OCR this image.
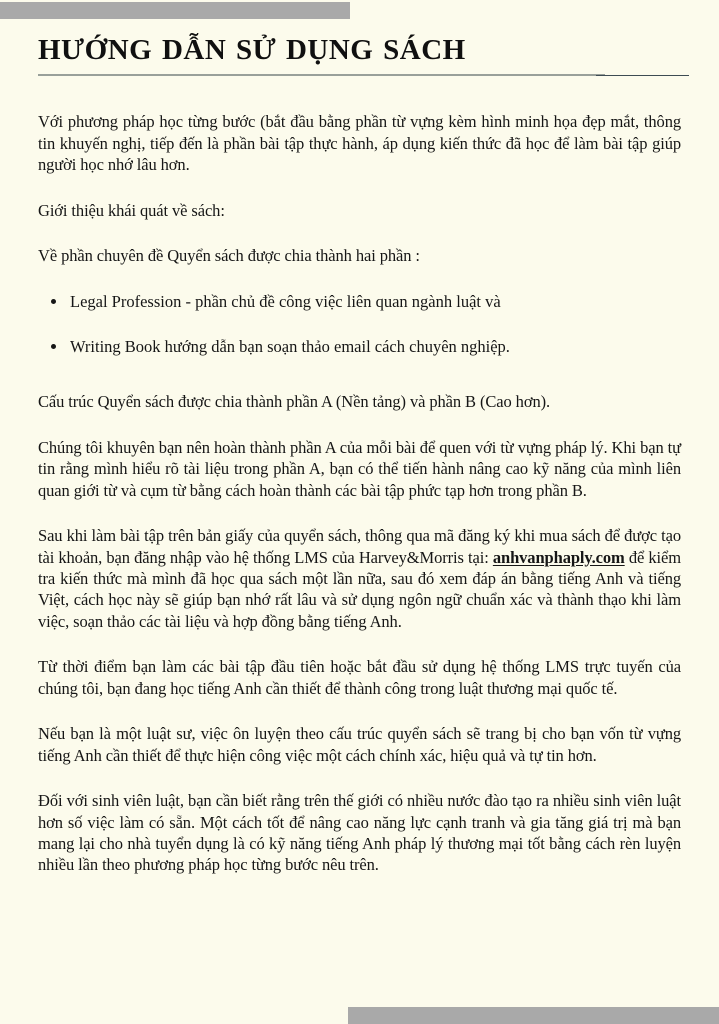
HƯỚNG DẪN SỬ DỤNG SÁCH

Với phương pháp học từng bước (bắt đầu bằng phần từ vựng kèm hình minh họa đẹp mắt, thông tin khuyến nghị, tiếp đến là phần bài tập thực hành, áp dụng kiến thức đã học để làm bài tập giúp người học nhớ lâu hơn.

Giới thiệu khái quát về sách:

Về phần chuyên đề Quyển sách được chia thành hai phần :

• Legal Profession - phần chủ đề công việc liên quan ngành luật và
• Writing Book hướng dẫn bạn soạn thảo email cách chuyên nghiệp.

Cấu trúc Quyển sách được chia thành phần A (Nền tảng) và phần B (Cao hơn).

Chúng tôi khuyên bạn nên hoàn thành phần A của mỗi bài để quen với từ vựng pháp lý. Khi bạn tự tin rằng mình hiểu rõ tài liệu trong phần A, bạn có thể tiến hành nâng cao kỹ năng của mình liên quan giới từ và cụm từ bằng cách hoàn thành các bài tập phức tạp hơn trong phần B.

Sau khi làm bài tập trên bản giấy của quyển sách, thông qua mã đăng ký khi mua sách để được tạo tài khoản, bạn đăng nhập vào hệ thống LMS của Harvey&Morris tại: anhvanphaply.com để kiểm tra kiến thức mà mình đã học qua sách một lần nữa, sau đó xem đáp án bằng tiếng Anh và tiếng Việt, cách học này sẽ giúp bạn nhớ rất lâu và sử dụng ngôn ngữ chuẩn xác và thành thạo khi làm việc, soạn thảo các tài liệu và hợp đồng bằng tiếng Anh.

Từ thời điểm bạn làm các bài tập đầu tiên hoặc bắt đầu sử dụng hệ thống LMS trực tuyến của chúng tôi, bạn đang học tiếng Anh cần thiết để thành công trong luật thương mại quốc tế.

Nếu bạn là một luật sư, việc ôn luyện theo cấu trúc quyển sách sẽ trang bị cho bạn vốn từ vựng tiếng Anh cần thiết để thực hiện công việc một cách chính xác, hiệu quả và tự tin hơn.

Đối với sinh viên luật, bạn cần biết rằng trên thế giới có nhiều nước đào tạo ra nhiều sinh viên luật hơn số việc làm có sẵn. Một cách tốt để nâng cao năng lực cạnh tranh và gia tăng giá trị mà bạn mang lại cho nhà tuyển dụng là có kỹ năng tiếng Anh pháp lý thương mại tốt bằng cách rèn luyện nhiều lần theo phương pháp học từng bước nêu trên.
